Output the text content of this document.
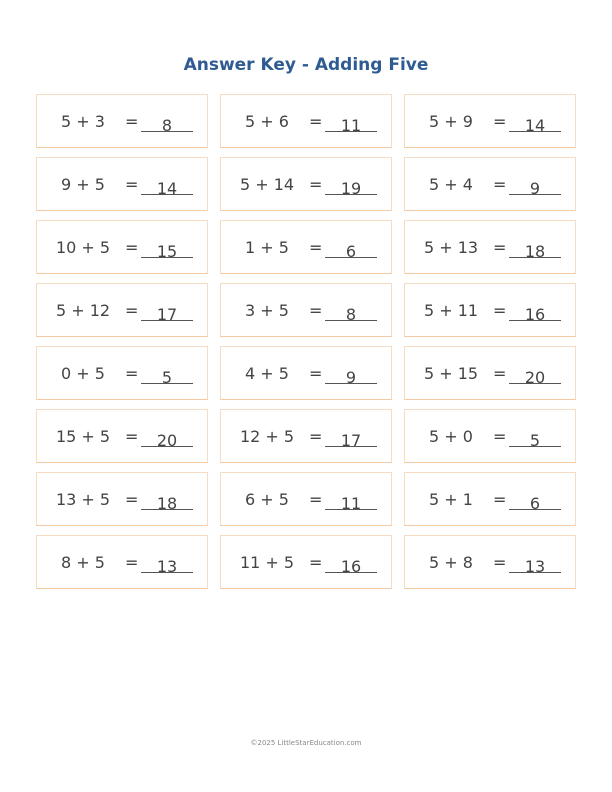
Answer Key - Adding Five
5 + 3	=	8	5 + 6	=	11	5 + 9	=	14
9 + 5	=	14	5 + 14 =	19	5 + 4	=	9
10 + 5 =	15	1 + 5	=	6	5 + 13 =	18
5 + 12 =	17	3 + 5	=	8	5 + 11 =	16
0 + 5	=	5	4 + 5	=	9	5 + 15 =	20
15 + 5 =	20	12 + 5 =	17	5 + 0	=	5
13 + 5 =	18	6 + 5	=	11	5 + 1	=	6
8 + 5	=	13	11 + 5 =	16	5 + 8	=	13
©2025 LittleStarEducation.com
